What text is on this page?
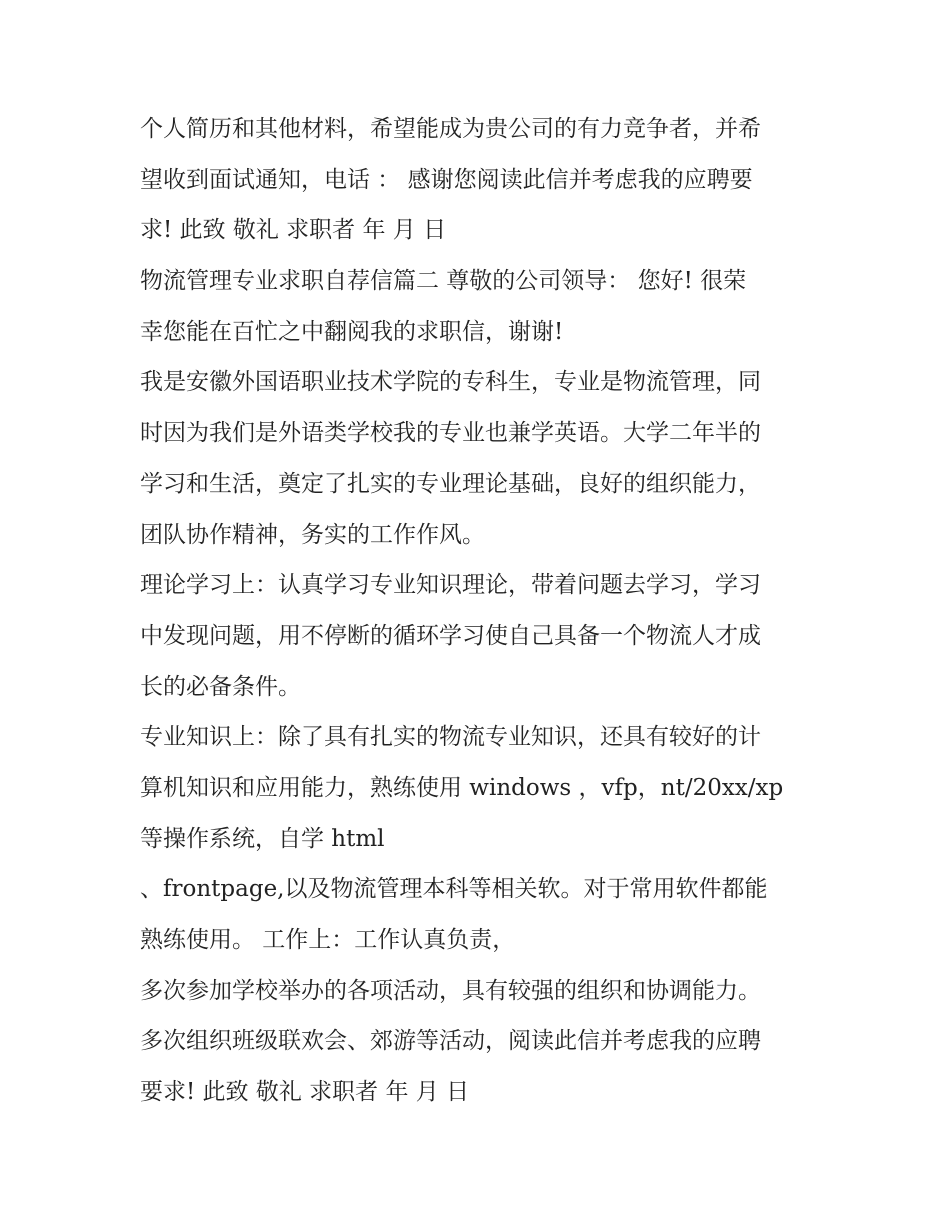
个人简历和其他材料，希望能成为贵公司的有力竞争者，并希
望收到面试通知，电话 ： 感谢您阅读此信并考虑我的应聘要
求! 此致 敬礼 求职者 年 月 日
物流管理专业求职自荐信篇二 尊敬的公司领导： 您好! 很荣
幸您能在百忙之中翻阅我的求职信，谢谢!
我是安徽外国语职业技术学院的专科生，专业是物流管理，同
时因为我们是外语类学校我的专业也兼学英语。大学二年半的
学习和生活，奠定了扎实的专业理论基础，良好的组织能力，
团队协作精神，务实的工作作风。
理论学习上：认真学习专业知识理论，带着问题去学习，学习
中发现问题，用不停断的循环学习使自己具备一个物流人才成
长的必备条件。
专业知识上：除了具有扎实的物流专业知识，还具有较好的计
算机知识和应用能力，熟练使用 windows ，vfp，nt/20xx/xp
等操作系统，自学 html
、frontpage,以及物流管理本科等相关软。对于常用软件都能
熟练使用。 工作上：工作认真负责，
多次参加学校举办的各项活动，具有较强的组织和协调能力。
多次组织班级联欢会、郊游等活动，阅读此信并考虑我的应聘
要求! 此致 敬礼 求职者 年 月 日
